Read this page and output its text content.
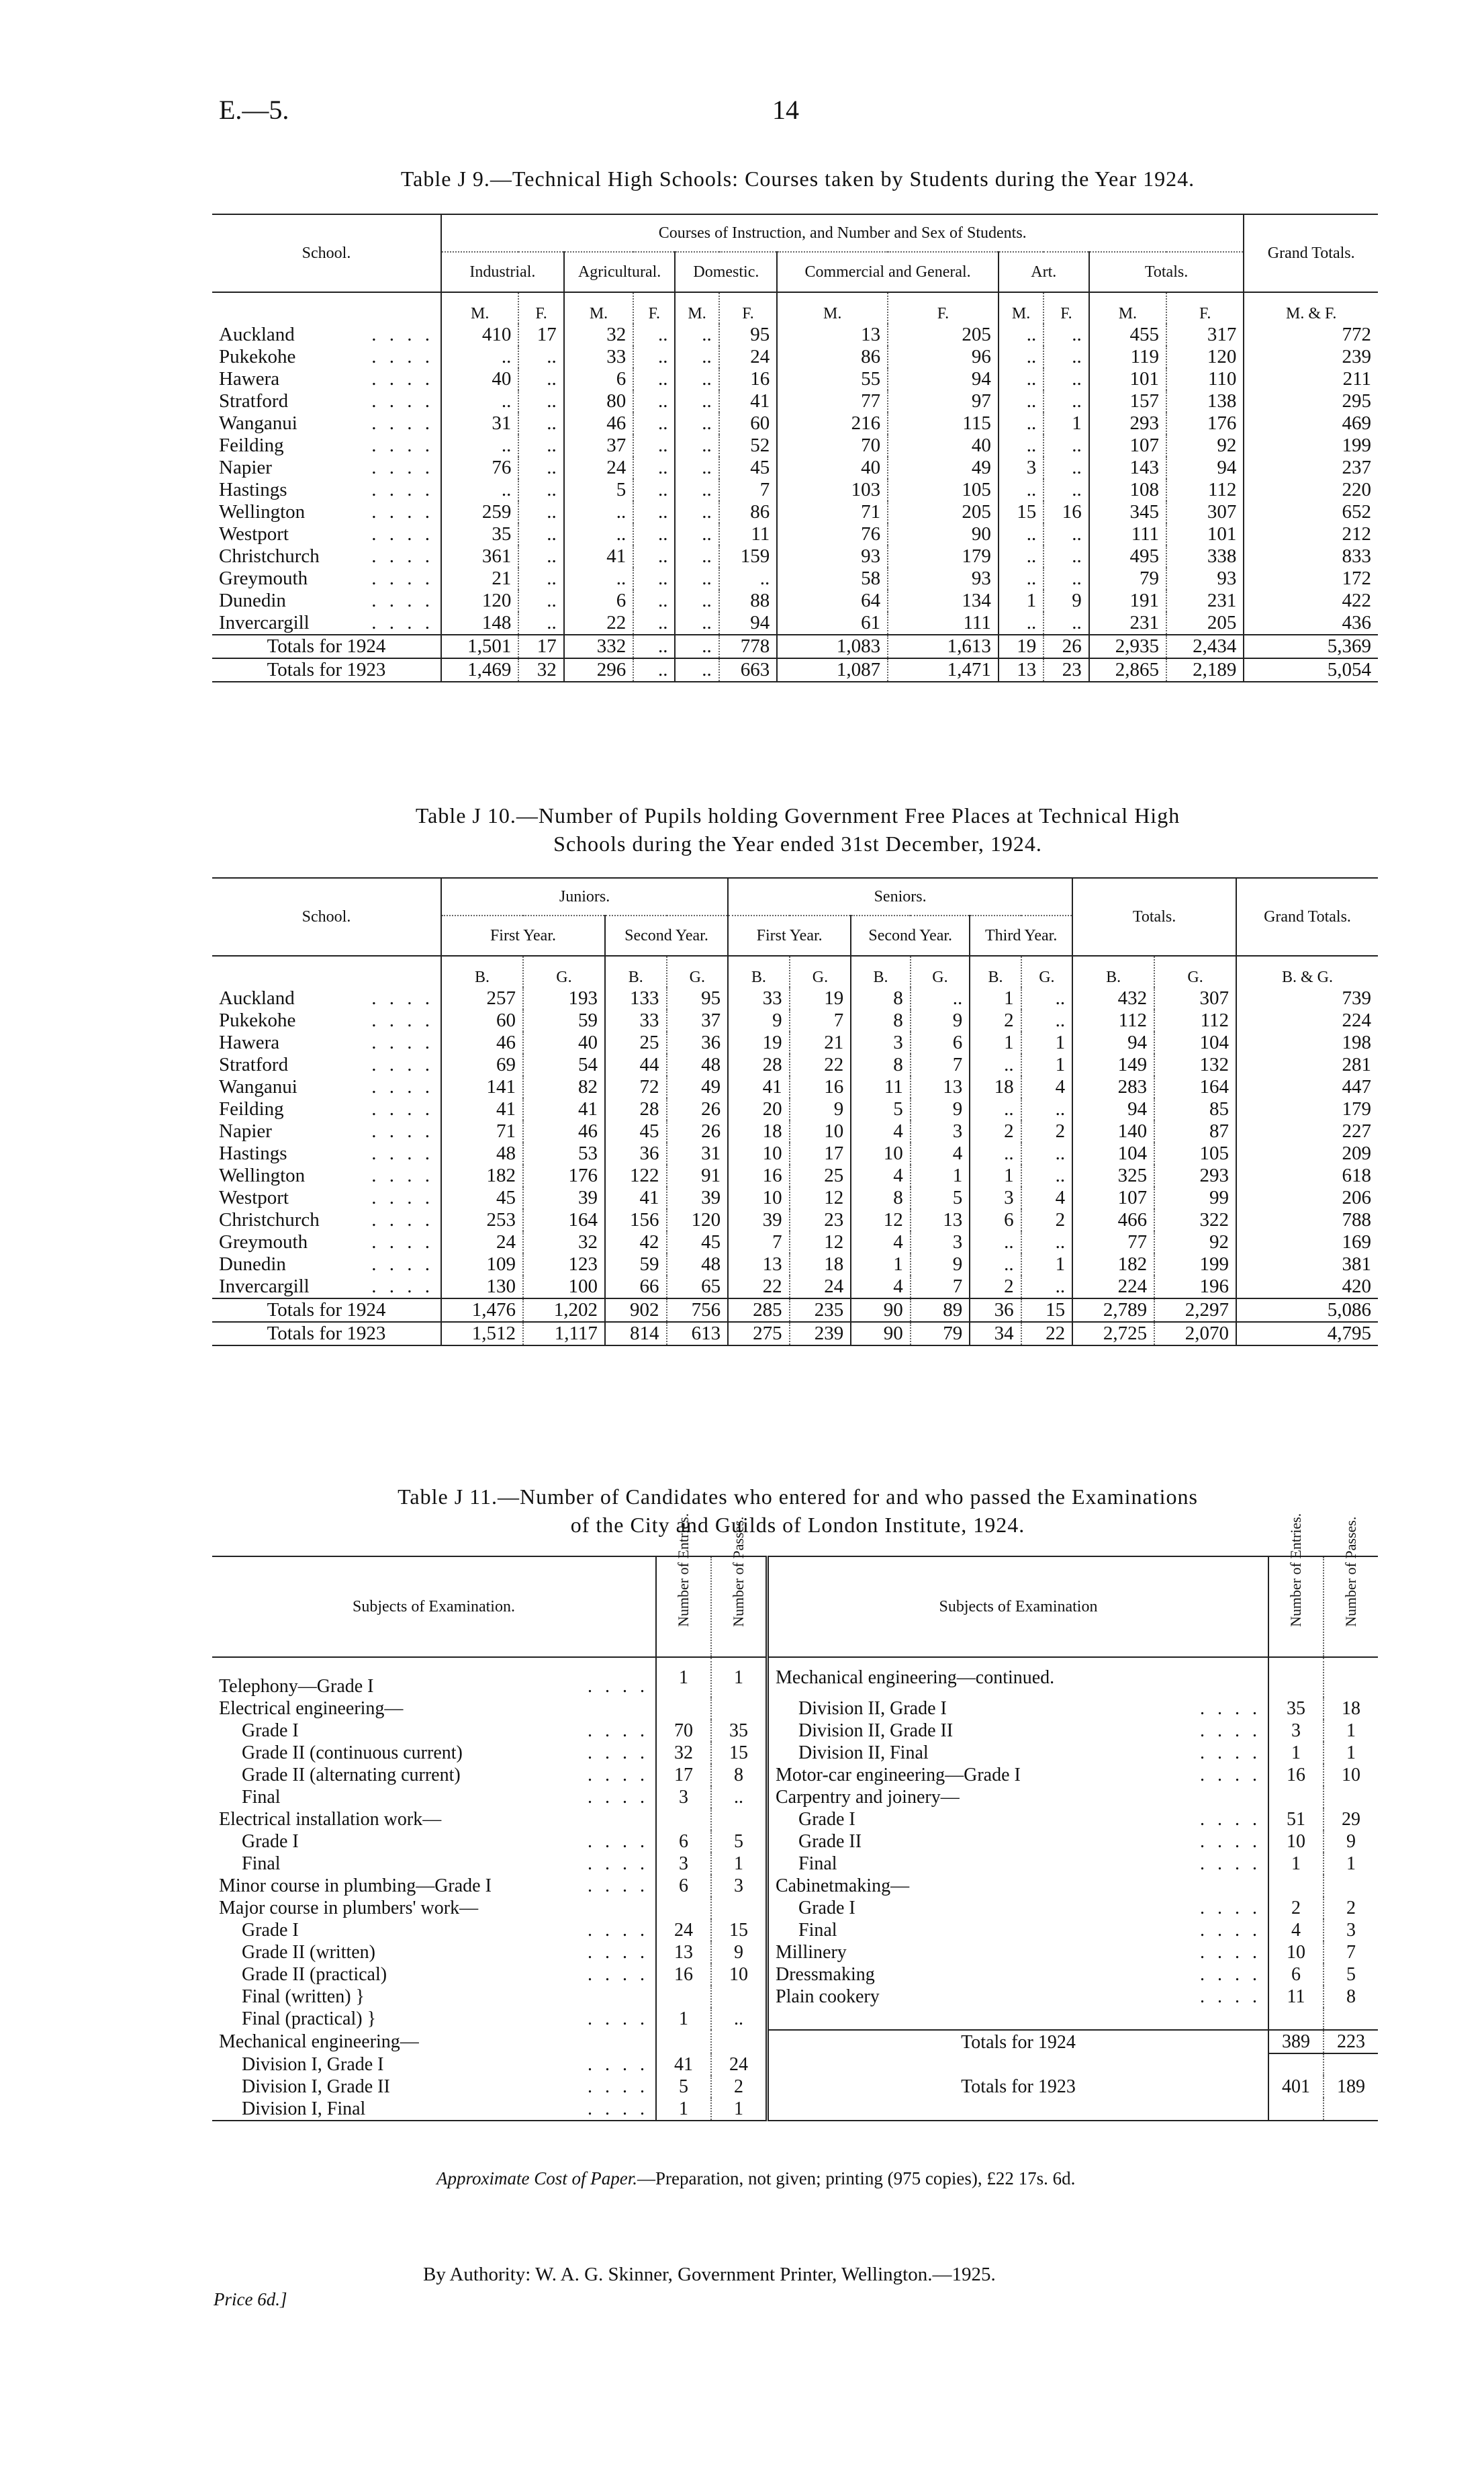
E.—5.	14
Table J 9.—Technical High Schools: Courses taken by Students during the Year 1924.
School.	Courses of Instruction, and Number and Sex of Students.												Grand Totals.
	Industrial.		Agricultural.		Domestic.		Commercial and General.		Art.		Totals.		
	M.	F.	M.	F.	M.	F.	M.	F.	M.	F.	M.	F.	M. & F.
Auckland . . . .	410	17	32	..	..	95	13	205	..	..	455	317	772
Pukekohe . . . .	..	..	33	..	..	24	86	96	..	..	119	120	239
Hawera . . . .	40	..	6	..	..	16	55	94	..	..	101	110	211
Stratford . . . .	..	..	80	..	..	41	77	97	..	..	157	138	295
Wanganui . . . .	31	..	46	..	..	60	216	115	..	1	293	176	469
Feilding . . . .	..	..	37	..	..	52	70	40	..	..	107	92	199
Napier . . . .	76	..	24	..	..	45	40	49	3	..	143	94	237
Hastings . . . .	..	..	5	..	..	7	103	105	..	..	108	112	220
Wellington . . . .	259	..	..	..	..	86	71	205	15	16	345	307	652
Westport . . . .	35	..	..	..	..	11	76	90	..	..	111	101	212
Christchurch . . . .	361	..	41	..	..	159	93	179	..	..	495	338	833
Greymouth . . . .	21	..	..	..	..	..	58	93	..	..	79	93	172
Dunedin . . . .	120	..	6	..	..	88	64	134	1	9	191	231	422
Invercargill . . . .	148	..	22	..	..	94	61	111	..	..	231	205	436
Totals for 1924	1,501	17	332	..	..	778	1,083	1,613	19	26	2,935	2,434	5,369
Totals for 1923	1,469	32	296	..	..	663	1,087	1,471	13	23	2,865	2,189	5,054
Table J 10.—Number of Pupils holding Government Free Places at Technical High
Schools during the Year ended 31st December, 1924.
School.	Juniors.				Seniors.						Totals.		Grand Totals.
	First Year.		Second Year.		First Year.		Second Year.		Third Year.				
	B.	G.	B.	G.	B.	G.	B.	G.	B.	G.	B.	G.	B. & G.
Auckland . . . .	257	193	133	95	33	19	8	..	1	..	432	307	739
Pukekohe . . . .	60	59	33	37	9	7	8	9	2	..	112	112	224
Hawera . . . .	46	40	25	36	19	21	3	6	1	1	94	104	198
Stratford . . . .	69	54	44	48	28	22	8	7	..	1	149	132	281
Wanganui . . . .	141	82	72	49	41	16	11	13	18	4	283	164	447
Feilding . . . .	41	41	28	26	20	9	5	9	..	..	94	85	179
Napier . . . .	71	46	45	26	18	10	4	3	2	2	140	87	227
Hastings . . . .	48	53	36	31	10	17	10	4	..	..	104	105	209
Wellington . . . .	182	176	122	91	16	25	4	1	1	..	325	293	618
Westport . . . .	45	39	41	39	10	12	8	5	3	4	107	99	206
Christchurch . . . .	253	164	156	120	39	23	12	13	6	2	466	322	788
Greymouth . . . .	24	32	42	45	7	12	4	3	..	..	77	92	169
Dunedin . . . .	109	123	59	48	13	18	1	9	..	1	182	199	381
Invercargill . . . .	130	100	66	65	22	24	4	7	2	..	224	196	420
Totals for 1924	1,476	1,202	902	756	285	235	90	89	36	15	2,789	2,297	5,086
Totals for 1923	1,512	1,117	814	613	275	239	90	79	34	22	2,725	2,070	4,795
Table J 11.—Number of Candidates who entered for and who passed the Examinations
of the City and Guilds of London Institute, 1924.
Subjects of Examination.	Number of Entries.	Number of Passes.	Subjects of Examination	Number of Entries.	Number of Passes.
Telephony—Grade I . . . .	1	1	Mechanical engineering—continued.		
Electrical engineering—			Division II, Grade I . . . .	35	18
Grade I . . . .	70	35	Division II, Grade II . . . .	3	1
Grade II (continuous current) . . . .	32	15	Division II, Final . . . .	1	1
Grade II (alternating current) . . . .	17	8	Motor-car engineering—Grade I . . . .	16	10
Final . . . .	3	..	Carpentry and joinery—		
Electrical installation work—			Grade I . . . .	51	29
Grade I . . . .	6	5	Grade II . . . .	10	9
Final . . . .	3	1	Final . . . .	1	1
Minor course in plumbing—Grade I . . . .	6	3	Cabinetmaking—		
Major course in plumbers' work—			Grade I . . . .	2	2
Grade I . . . .	24	15	Final . . . .	4	3
Grade II (written) . . . .	13	9	Millinery . . . .	10	7
Grade II (practical) . . . .	16	10	Dressmaking . . . .	6	5
Final (written) }			Plain cookery . . . .	11	8
Final (practical) } . . . .	1	..			
Mechanical engineering—			Totals for 1924	389	223
Division I, Grade I . . . .	41	24			
Division I, Grade II . . . .	5	2	Totals for 1923	401	189
Division I, Final . . . .	1	1			
Approximate Cost of Paper.—Preparation, not given; printing (975 copies), £22 17s. 6d.
By Authority: W. A. G. Skinner, Government Printer, Wellington.—1925.
Price 6d.]
